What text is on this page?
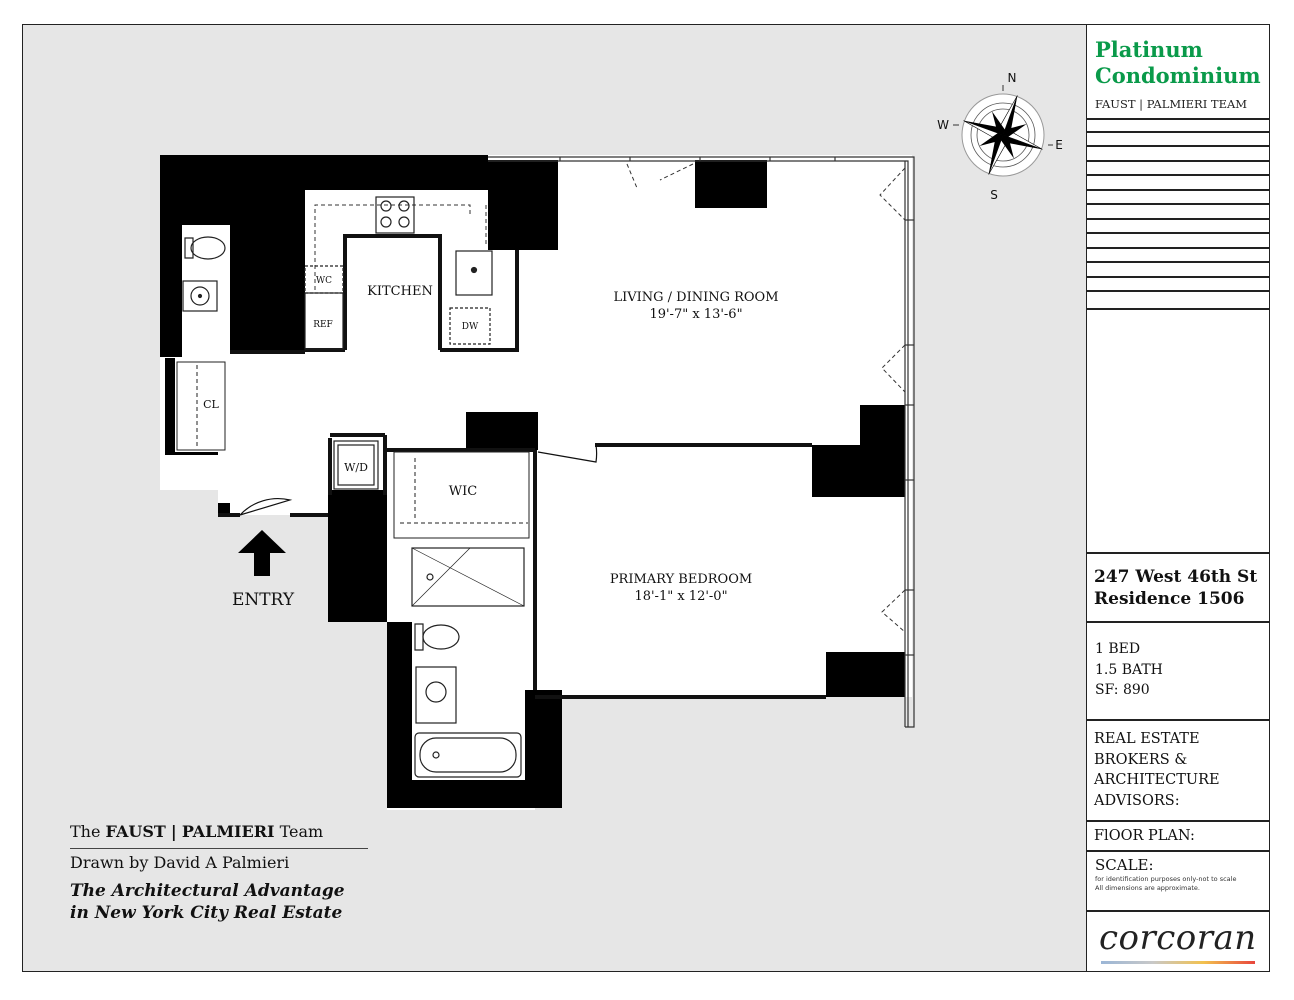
N
S
E
W
LIVING / DINING ROOM
19'-7" x 13'-6"
PRIMARY BEDROOM
18'-1" x 12'-0"
KITCHEN
WIC
CL
W/D
WC
REF	DW
ENTRY
The FAUST | PALMIERI Team
Drawn by David A Palmieri
The Architectural Advantage
in New York City Real Estate
Platinum
Condominium
FAUST | PALMIERI TEAM
247 West 46th St
Residence 1506
1 BED
1.5 BATH
SF: 890
REAL ESTATE
BROKERS &
ARCHITECTURE
ADVISORS:
FlOOR PLAN:
SCALE:
for identification purposes only-not to scale
All dimensions are approximate.
corcoran
